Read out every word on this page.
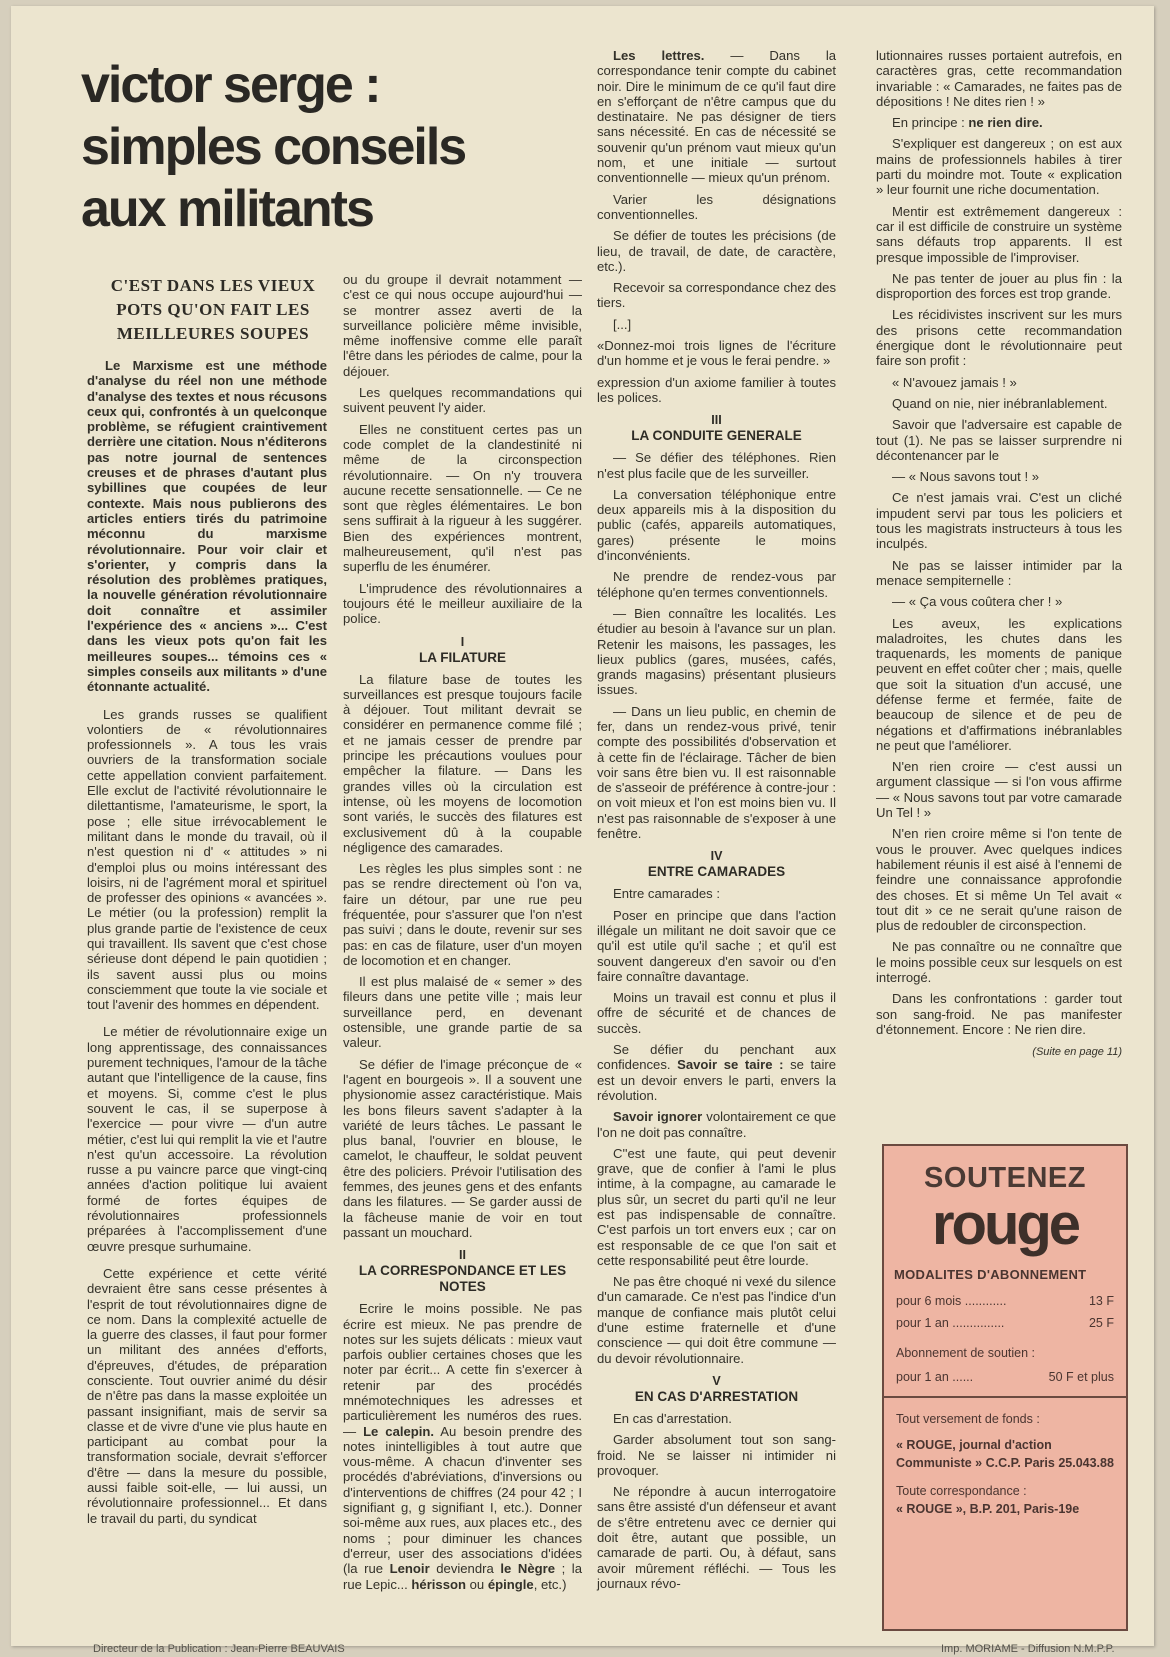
victor serge :
simples conseils
aux militants
C'EST DANS LES VIEUX POTS QU'ON FAIT LES MEILLEURES SOUPES

Le Marxisme est une méthode d'analyse du réel non une méthode d'analyse des textes et nous récusons ceux qui, confrontés à un quelconque problème, se réfugient craintivement derrière une citation. Nous n'éditerons pas notre journal de sentences creuses et de phrases d'autant plus sybillines que coupées de leur contexte. Mais nous publierons des articles entiers tirés du patrimoine méconnu du marxisme révolutionnaire. Pour voir clair et s'orienter, y compris dans la résolution des problèmes pratiques, la nouvelle génération révolutionnaire doit connaître et assimiler l'expérience des « anciens »... C'est dans les vieux pots qu'on fait les meilleures soupes... témoins ces « simples conseils aux militants » d'une étonnante actualité.

Les grands russes se qualifient volontiers de « révolutionnaires professionnels ». A tous les vrais ouvriers de la transformation sociale cette appellation convient parfaitement. Elle exclut de l'activité révolutionnaire le dilettantisme, l'amateurisme, le sport, la pose ; elle situe irrévocablement le militant dans le monde du travail, où il n'est question ni d' « attitudes » ni d'emploi plus ou moins intéressant des loisirs, ni de l'agrément moral et spirituel de professer des opinions « avancées ». Le métier (ou la profession) remplit la plus grande partie de l'existence de ceux qui travaillent. Ils savent que c'est chose sérieuse dont dépend le pain quotidien ; ils savent aussi plus ou moins consciemment que toute la vie sociale et tout l'avenir des hommes en dépendent.

Le métier de révolutionnaire exige un long apprentissage, des connaissances purement techniques, l'amour de la tâche autant que l'intelligence de la cause, fins et moyens. Si, comme c'est le plus souvent le cas, il se superpose à l'exercice — pour vivre — d'un autre métier, c'est lui qui remplit la vie et l'autre n'est qu'un accessoire. La révolution russe a pu vaincre parce que vingt-cinq années d'action politique lui avaient formé de fortes équipes de révolutionnaires professionnels préparées à l'accomplissement d'une œuvre presque surhumaine.

Cette expérience et cette vérité devraient être sans cesse présentes à l'esprit de tout révolutionnaires digne de ce nom. Dans la complexité actuelle de la guerre des classes, il faut pour former un militant des années d'efforts, d'épreuves, d'études, de préparation consciente. Tout ouvrier animé du désir de n'être pas dans la masse exploitée un passant insignifiant, mais de servir sa classe et de vivre d'une vie plus haute en participant au combat pour la transformation sociale, devrait s'efforcer d'être — dans la mesure du possible, aussi faible soit-elle, — lui aussi, un révolutionnaire professionnel... Et dans le travail du parti, du syndicat

ou du groupe il devrait notamment — c'est ce qui nous occupe aujourd'hui — se montrer assez averti de la surveillance policière même invisible, même inoffensive comme elle paraît l'être dans les périodes de calme, pour la déjouer.

Les quelques recommandations qui suivent peuvent l'y aider.

Elles ne constituent certes pas un code complet de la clandestinité ni même de la circonspection révolutionnaire. — On n'y trouvera aucune recette sensationnelle. — Ce ne sont que règles élémentaires. Le bon sens suffirait à la rigueur à les suggérer. Bien des expériences montrent, malheureusement, qu'il n'est pas superflu de les énumérer.

L'imprudence des révolutionnaires a toujours été le meilleur auxiliaire de la police.

I
LA FILATURE

La filature base de toutes les surveillances est presque toujours facile à déjouer. Tout militant devrait se considérer en permanence comme filé ; et ne jamais cesser de prendre par principe les précautions voulues pour empêcher la filature. — Dans les grandes villes où la circulation est intense, où les moyens de locomotion sont variés, le succès des filatures est exclusivement dû à la coupable négligence des camarades.

Les règles les plus simples sont : ne pas se rendre directement où l'on va, faire un détour, par une rue peu fréquentée, pour s'assurer que l'on n'est pas suivi ; dans le doute, revenir sur ses pas: en cas de filature, user d'un moyen de locomotion et en changer.

Il est plus malaisé de « semer » des fileurs dans une petite ville ; mais leur surveillance perd, en devenant ostensible, une grande partie de sa valeur.

Se défier de l'image préconçue de « l'agent en bourgeois ». Il a souvent une physionomie assez caractéristique. Mais les bons fileurs savent s'adapter à la variété de leurs tâches. Le passant le plus banal, l'ouvrier en blouse, le camelot, le chauffeur, le soldat peuvent être des policiers. Prévoir l'utilisation des femmes, des jeunes gens et des enfants dans les filatures. — Se garder aussi de la fâcheuse manie de voir en tout passant un mouchard.

II
LA CORRESPONDANCE ET LES NOTES

Ecrire le moins possible. Ne pas écrire est mieux. Ne pas prendre de notes sur les sujets délicats : mieux vaut parfois oublier certaines choses que les noter par écrit... A cette fin s'exercer à retenir par des procédés mnémotechniques les adresses et particulièrement les numéros des rues. — Le calepin. Au besoin prendre des notes inintelligibles à tout autre que vous-même. A chacun d'inventer ses procédés d'abréviations, d'inversions ou d'interventions de chiffres (24 pour 42 ; I signifiant g, g signifiant I, etc.). Donner soi-même aux rues, aux places etc., des noms ; pour diminuer les chances d'erreur, user des associations d'idées (la rue Lenoir deviendra le Nègre ; la rue Lepic... hérisson ou épingle, etc.)

Les lettres. — Dans la correspondance tenir compte du cabinet noir. Dire le minimum de ce qu'il faut dire en s'efforçant de n'être campus que du destinataire. Ne pas désigner de tiers sans nécessité. En cas de nécessité se souvenir qu'un prénom vaut mieux qu'un nom, et une initiale — surtout conventionnelle — mieux qu'un prénom.

Varier les désignations conventionnelles.

Se défier de toutes les précisions (de lieu, de travail, de date, de caractère, etc.).

Recevoir sa correspondance chez des tiers.

[...]

«Donnez-moi trois lignes de l'écriture d'un homme et je vous le ferai pendre. »

expression d'un axiome familier à toutes les polices.

III
LA CONDUITE GENERALE

— Se défier des téléphones. Rien n'est plus facile que de les surveiller.

La conversation téléphonique entre deux appareils mis à la disposition du public (cafés, appareils automatiques, gares) présente le moins d'inconvénients.

Ne prendre de rendez-vous par téléphone qu'en termes conventionnels.

— Bien connaître les localités. Les étudier au besoin à l'avance sur un plan. Retenir les maisons, les passages, les lieux publics (gares, musées, cafés, grands magasins) présentant plusieurs issues.

— Dans un lieu public, en chemin de fer, dans un rendez-vous privé, tenir compte des possibilités d'observation et à cette fin de l'éclairage. Tâcher de bien voir sans être bien vu. Il est raisonnable de s'asseoir de préférence à contre-jour : on voit mieux et l'on est moins bien vu. Il n'est pas raisonnable de s'exposer à une fenêtre.

IV
ENTRE CAMARADES

Entre camarades :

Poser en principe que dans l'action illégale un militant ne doit savoir que ce qu'il est utile qu'il sache ; et qu'il est souvent dangereux d'en savoir ou d'en faire connaître davantage.

Moins un travail est connu et plus il offre de sécurité et de chances de succès.

Se défier du penchant aux confidences. Savoir se taire : se taire est un devoir envers le parti, envers la révolution.

Savoir ignorer volontairement ce que l'on ne doit pas connaître.

C''est une faute, qui peut devenir grave, que de confier à l'ami le plus intime, à la compagne, au camarade le plus sûr, un secret du parti qu'il ne leur est pas indispensable de connaître. C'est parfois un tort envers eux ; car on est responsable de ce que l'on sait et cette responsabilité peut être lourde.

Ne pas être choqué ni vexé du silence d'un camarade. Ce n'est pas l'indice d'un manque de confiance mais plutôt celui d'une estime fraternelle et d'une conscience — qui doit être commune — du devoir révolutionnaire.

V
EN CAS D'ARRESTATION

En cas d'arrestation.

Garder absolument tout son sang-froid. Ne se laisser ni intimider ni provoquer.

Ne répondre à aucun interrogatoire sans être assisté d'un défenseur et avant de s'être entretenu avec ce dernier qui doit être, autant que possible, un camarade de parti. Ou, à défaut, sans avoir mûrement réfléchi. — Tous les journaux révo-

lutionnaires russes portaient autrefois, en caractères gras, cette recommandation invariable : « Camarades, ne faites pas de dépositions ! Ne dites rien ! »

En principe : ne rien dire.

S'expliquer est dangereux ; on est aux mains de professionnels habiles à tirer parti du moindre mot. Toute « explication » leur fournit une riche documentation.

Mentir est extrêmement dangereux : car il est difficile de construire un système sans défauts trop apparents. Il est presque impossible de l'improviser.

Ne pas tenter de jouer au plus fin : la disproportion des forces est trop grande.

Les récidivistes inscrivent sur les murs des prisons cette recommandation énergique dont le révolutionnaire peut faire son profit :

« N'avouez jamais ! »

Quand on nie, nier inébranlablement.

Savoir que l'adversaire est capable de tout (1). Ne pas se laisser surprendre ni décontenancer par le

— « Nous savons tout ! »

Ce n'est jamais vrai. C'est un cliché impudent servi par tous les policiers et tous les magistrats instructeurs à tous les inculpés.

Ne pas se laisser intimider par la menace sempiternelle :

— « Ça vous coûtera cher ! »

Les aveux, les explications maladroites, les chutes dans les traquenards, les moments de panique peuvent en effet coûter cher ; mais, quelle que soit la situation d'un accusé, une défense ferme et fermée, faite de beaucoup de silence et de peu de négations et d'affirmations inébranlables ne peut que l'améliorer.

N'en rien croire — c'est aussi un argument classique — si l'on vous affirme — « Nous savons tout par votre camarade Un Tel ! »

N'en rien croire même si l'on tente de vous le prouver. Avec quelques indices habilement réunis il est aisé à l'ennemi de feindre une connaissance approfondie des choses. Et si même Un Tel avait « tout dit » ce ne serait qu'une raison de plus de redoubler de circonspection.

Ne pas connaître ou ne connaître que le moins possible ceux sur lesquels on est interrogé.

Dans les confrontations : garder tout son sang-froid. Ne pas manifester d'étonnement. Encore : Ne rien dire.

(Suite en page 11)

SOUTENEZ
rouge
MODALITES D'ABONNEMENT
pour 6 mois ............	13 F
pour 1 an ...............	25 F

Abonnement de soutien :

pour 1 an ......	50 F et plus

Tout versement de fonds :

« ROUGE, journal d'action Communiste » C.C.P. Paris 25.043.88

Toute correspondance :

« ROUGE », B.P. 201, Paris-19e

Directeur de la Publication : Jean-Pierre BEAUVAIS	Imp. MORIAME - Diffusion N.M.P.P.
